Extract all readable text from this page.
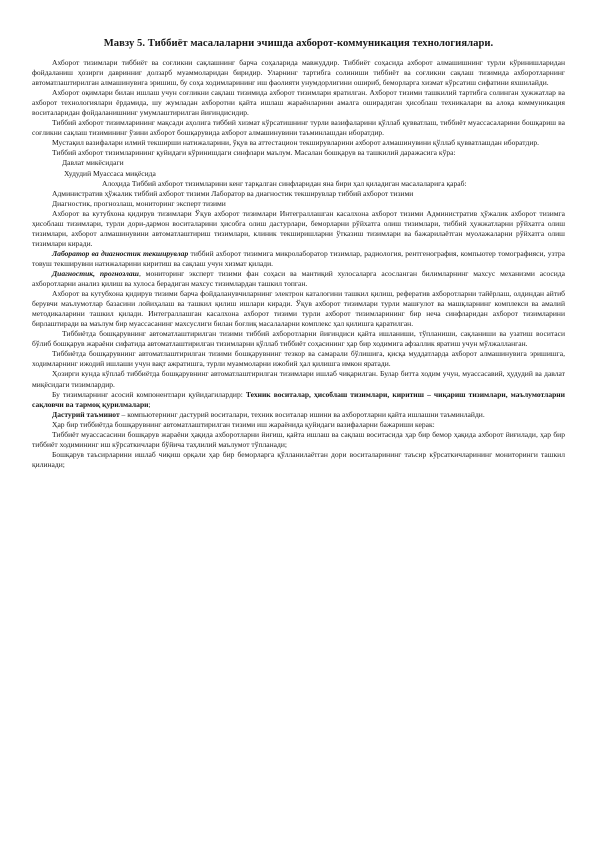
Мавзу 5. Тиббиёт масалаларни эчишда ахборот-коммуникация технологиялари.

Ахборот тизимлари тиббиёт ва соғликни сақлашнинг барча соҳаларида мавжуддир. Тиббиёт соҳасида ахборот алмашишнинг турли кўринишларидан фойдаланиш ҳозирги давринниг долзарб муаммоларидан биридир. Уларнинг тартибга солиниши тиббиёт ва соғликни сақлаш тизимида ахборотларнинг автоматлаштирилган алмашинувига эришиш, бу соҳа ходимларининг иш фаолияти унумдорлигини ошириб, беморларга хизмат кўрсатиш сифатини яхшилайди.

Ахборот оқимлари билан ишлаш учун соғликни сақлаш тизимида ахборот тизимлари яратилган. Ахборот тизими ташкилий тартибга солинган ҳужжатлар ва ахборот технологиялари ёрдамида, шу жумладан ахборотни қайта ишлаш жараёнларини амалга оширадиган ҳисоблаш техникалари ва алоқа коммуникация воситаларидан фойдаланишнинг умумлаштирилган йиғиндисидир.

Тиббий ахборот тизимларининг мақсади аҳолига тиббий хизмат кўрсатишнинг турли вазифаларини қўллаб қувватлаш, тиббиёт муассасаларини бошқариш ва соғликни сақлаш тизимининг ўзини ахборот бошқарувида ахборот алмашинувини таъминлашдан иборатдир.

Мустақил вазифалари илмий текширши натижаларини, ўқув ва аттестацион текширувларини ахборот алмашинувини қўллаб қувватлашдан иборатдир.

Тиббий ахборот тизимларининг қуйидаги кўринишдаги синфлари маълум. Масалан бошқарув ва ташкилий даражасига кўра:

Давлат микёсидаги

Худудий Муассаса миқёсида

Алоҳида Тиббий ахборот тизимларини кенг тарқалган синфларидан яна бири ҳал қиладиган масалаларига қараб:

Административ ҳўжалик тиббий ахборот тизими Лаборатор ва диагностик текширувлар тиббий ахборот тизими

Диагностик, прогнозлаш, мониторинг эксперт тизими

Ахборот ва кутубхона қидирув тизимлари Ўқув ахборот тизимлари Интеграллашган касалхона ахборот тизими Административ ҳўжалик ахборот тизимга ҳисоблаш тизимлари, турли дори-дармон воситаларини ҳисобга олиш дастурлари, беморларни рўйхатга олиш тизимлари, тиббий ҳужжатларни рўйхатга олиш тизимлари, ахборот алмашинувини автоматлаштириш тизимлари, клиник текширишларни ўтказиш тизимлари ва бажарилаётган муолажаларни рўйхатга олиш тизимлари киради.

Лаборатор ва диагностик текширувлар тиббий ахборот тизимига микролаборатор тизимлар, радиология, рентгенография, компьютер томографияси, узтра товуш текширувни натижаларини киритиш ва сақлаш учун хизмат қилади.

Диагностик, прогнозлаш, мониторинг эксперт тизими фан соҳаси ва мантиқий хулосаларга асосланган билимларнинг махсус механизми асосида ахборотларни анализ қилиш ва хулоса берадиган махсус тизимлардан ташкил топган.

Ахборот ва кутубхона қидирув тизими барча фойдаланувчиларнинг электрон каталогини ташкил қилиш, реферaтив ахборотларни тайёрлаш, олдиндан айтиб берувчи маълумотлар базасини лойиҳалаш ва ташкил қилиш ишлари киради. Ўқув ахборот тизимлари турли машғулот ва машқларнинг комплекси ва амалий методикаларини ташкил қилади. Интеграллашган касалхона ахборот тизими турли ахборот тизимларининг бир неча синфларидан ахборот тизимларини бирлаштиради ва маълум бир муассасанинг махсуслиги билан боғлиқ масалаларни комплекс ҳал қилишга қаратилган.

Тиббиётда бошқарувнинг автоматлаштирилган тизими тиббий ахборотларни йиғиндиси қайта ишланиши, тўпланиши, сақланиши ва узатиш воситаси бўлиб бошқарув жараёни сифатида автоматлаштирилган тизимларни қўллаб тиббиёт соҳасининг ҳар бир ходимига афзаллик яратиш учун мўлжалланган.

Тиббиётда бошқарувнинг автоматлаштирилган тизими бошқарувнинг тезкор ва самарали бўлишига, қисқа муддатларда ахборот алмашинувига эришишга, ходимларнинг ижодий ишлаши учун вақт ажратишга, турли муаммоларни ижобий ҳал қилишга имкон яратади.

Ҳозирги кунда кўплаб тиббиётда бошқарувнинг автоматлаштирилган тизимлари ишлаб чиқарилган. Булар битта ходим учун, муассасавий, ҳудудий ва давлат миқёсидаги тизимлардир.

Бу тизимларнинг асосий компонентлари қуйидагилардир: Техник воситалар, ҳисоблаш тизимлари, киритиш – чиқариш тизимлари, маълумотларни сақловчи ва тармоқ қурилмалари;

Дастурий таъминот – компьютернинг дастурий воситалари, техник воситалар ишини ва ахборотларни қайта ишлашни таъминлайди.

Ҳар бир тиббиётда бошқарувнинг автоматлаштирилган тизими иш жараёнида қуйидаги вазифаларни бажариши керак:

Тиббиёт муассасасини бошқарув жараёни ҳақида ахборотларни йиғиш, қайта ишлаш ва сақлаш воситасида ҳар бир бемор ҳақида ахборот йиғилади, ҳар бир тиббиёт ходимининг иш кўрсаткичлари бўйича таҳлилий маълумот тўпланади;

Бошқарув таъсирларини ишлаб чиқиш орқали ҳар бир беморларга қўлланилаётган дори воситаларининг таъсир кўрсаткичларининг мониторинги ташкил қилинади;
